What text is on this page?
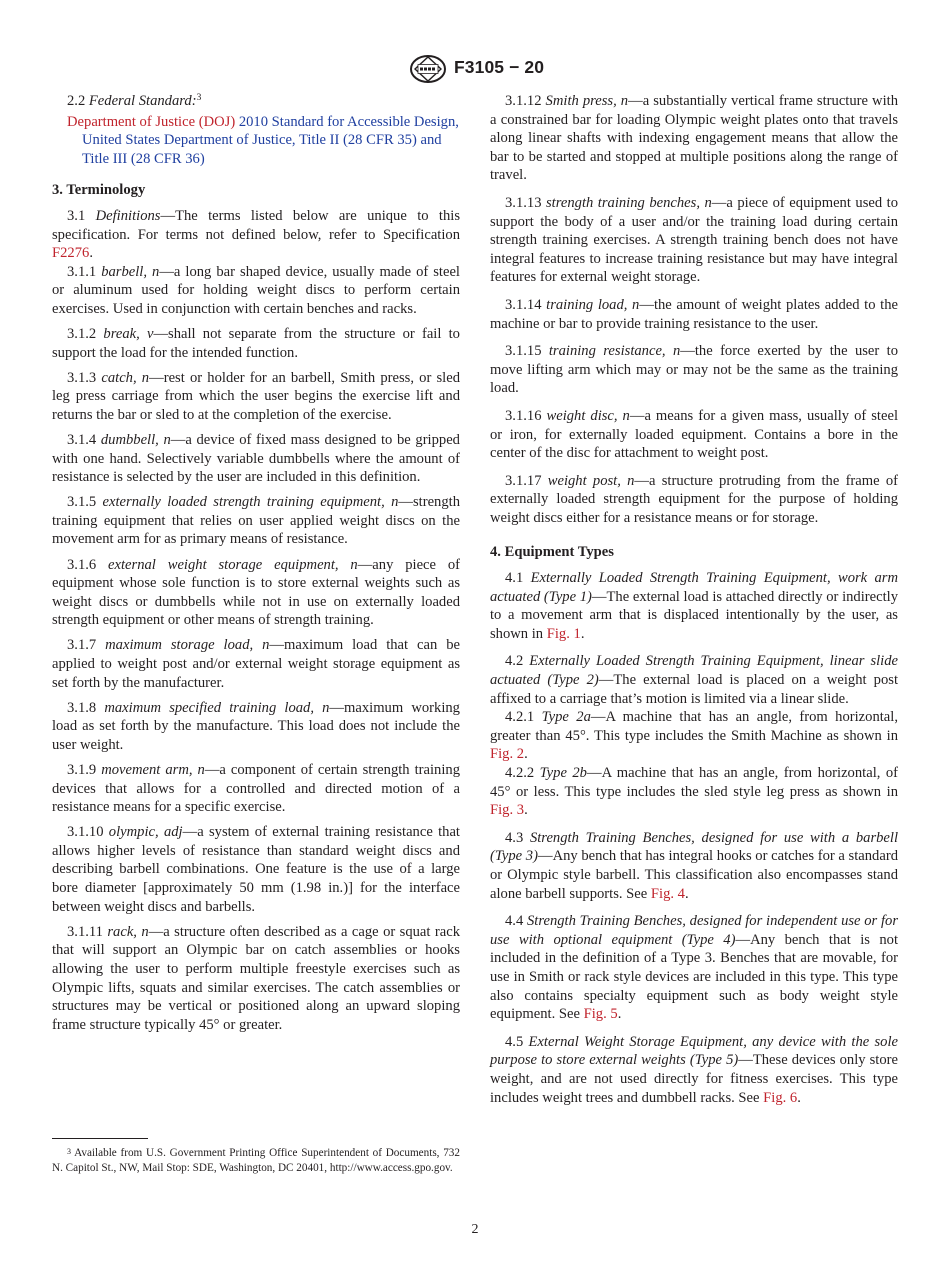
F3105 − 20

2.2 Federal Standard:$^3$

Department of Justice (DOJ) 2010 Standard for Accessible Design, United States Department of Justice, Title II (28 CFR 35) and Title III (28 CFR 36)

3. Terminology

3.1 Definitions—The terms listed below are unique to this specification. For terms not defined below, refer to Specification F2276.

3.1.1 barbell, n—a long bar shaped device, usually made of steel or aluminum used for holding weight discs to perform certain exercises. Used in conjunction with certain benches and racks.

3.1.2 break, v—shall not separate from the structure or fail to support the load for the intended function.

3.1.3 catch, n—rest or holder for an barbell, Smith press, or sled leg press carriage from which the user begins the exercise lift and returns the bar or sled to at the completion of the exercise.

3.1.4 dumbbell, n—a device of fixed mass designed to be gripped with one hand. Selectively variable dumbbells where the amount of resistance is selected by the user are included in this definition.

3.1.5 externally loaded strength training equipment, n—strength training equipment that relies on user applied weight discs on the movement arm for as primary means of resistance.

3.1.6 external weight storage equipment, n—any piece of equipment whose sole function is to store external weights such as weight discs or dumbbells while not in use on externally loaded strength equipment or other means of strength training.

3.1.7 maximum storage load, n—maximum load that can be applied to weight post and/or external weight storage equipment as set forth by the manufacturer.

3.1.8 maximum specified training load, n—maximum working load as set forth by the manufacture. This load does not include the user weight.

3.1.9 movement arm, n—a component of certain strength training devices that allows for a controlled and directed motion of a resistance means for a specific exercise.

3.1.10 olympic, adj—a system of external training resistance that allows higher levels of resistance than standard weight discs and describing barbell combinations. One feature is the use of a large bore diameter [approximately 50 mm (1.98 in.)] for the interface between weight discs and barbells.

3.1.11 rack, n—a structure often described as a cage or squat rack that will support an Olympic bar on catch assemblies or hooks allowing the user to perform multiple freestyle exercises such as Olympic lifts, squats and similar exercises. The catch assemblies or structures may be vertical or positioned along an upward sloping frame structure typically 45° or greater.

3.1.12 Smith press, n—a substantially vertical frame structure with a constrained bar for loading Olympic weight plates onto that travels along linear shafts with indexing engagement means that allow the bar to be started and stopped at multiple positions along the range of travel.

3.1.13 strength training benches, n—a piece of equipment used to support the body of a user and/or the training load during certain strength training exercises. A strength training bench does not have integral features to increase training resistance but may have integral features for external weight storage.

3.1.14 training load, n—the amount of weight plates added to the machine or bar to provide training resistance to the user.

3.1.15 training resistance, n—the force exerted by the user to move lifting arm which may or may not be the same as the training load.

3.1.16 weight disc, n—a means for a given mass, usually of steel or iron, for externally loaded equipment. Contains a bore in the center of the disc for attachment to weight post.

3.1.17 weight post, n—a structure protruding from the frame of externally loaded strength equipment for the purpose of holding weight discs either for a resistance means or for storage.

4. Equipment Types

4.1 Externally Loaded Strength Training Equipment, work arm actuated (Type 1)—The external load is attached directly or indirectly to a movement arm that is displaced intentionally by the user, as shown in Fig. 1.

4.2 Externally Loaded Strength Training Equipment, linear slide actuated (Type 2)—The external load is placed on a weight post affixed to a carriage that’s motion is limited via a linear slide.

4.2.1 Type 2a—A machine that has an angle, from horizontal, greater than 45°. This type includes the Smith Machine as shown in Fig. 2.

4.2.2 Type 2b—A machine that has an angle, from horizontal, of 45° or less. This type includes the sled style leg press as shown in Fig. 3.

4.3 Strength Training Benches, designed for use with a barbell (Type 3)—Any bench that has integral hooks or catches for a standard or Olympic style barbell. This classification also encompasses stand alone barbell supports. See Fig. 4.

4.4 Strength Training Benches, designed for independent use or for use with optional equipment (Type 4)—Any bench that is not included in the definition of a Type 3. Benches that are movable, for use in Smith or rack style devices are included in this type. This type also contains specialty equipment such as body weight style equipment. See Fig. 5.

4.5 External Weight Storage Equipment, any device with the sole purpose to store external weights (Type 5)—These devices only store weight, and are not used directly for fitness exercises. This type includes weight trees and dumbbell racks. See Fig. 6.

$^3$ Available from U.S. Government Printing Office Superintendent of Documents, 732 N. Capitol St., NW, Mail Stop: SDE, Washington, DC 20401, http://www.access.gpo.gov.
2
